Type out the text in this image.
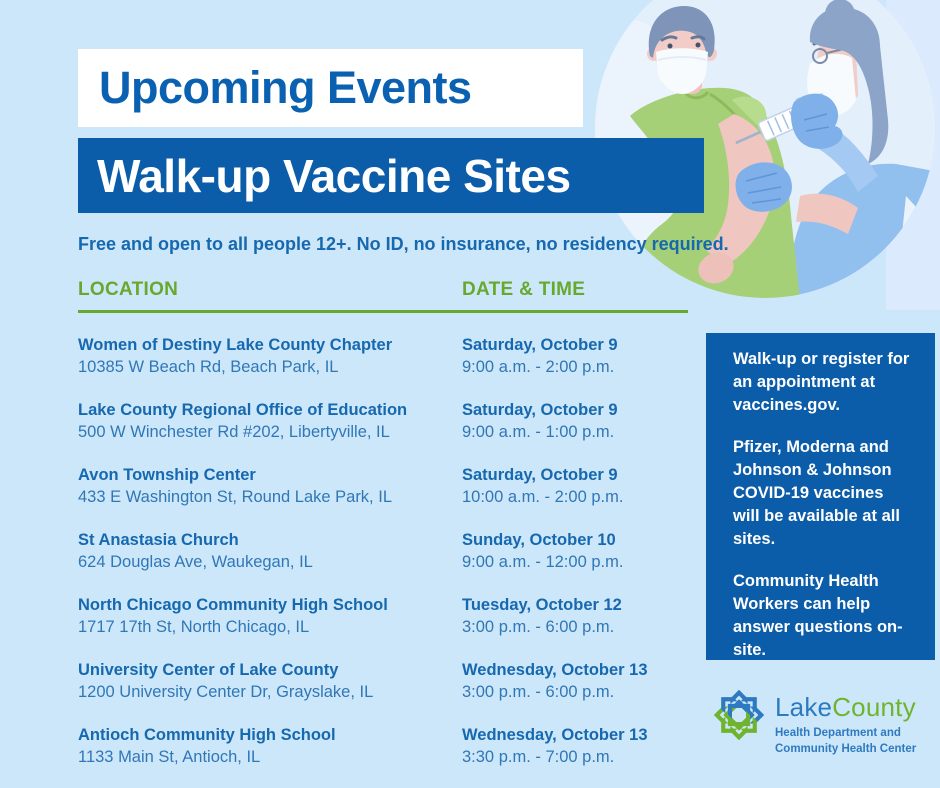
Upcoming Events
Walk-up Vaccine Sites
Free and open to all people 12+. No ID, no insurance, no residency required.
LOCATION	DATE & TIME
Women of Destiny Lake County Chapter
10385 W Beach Rd, Beach Park, IL
Saturday, October 9
9:00 a.m. - 2:00 p.m.
Lake County Regional Office of Education
500 W Winchester Rd #202, Libertyville, IL
Saturday, October 9
9:00 a.m. - 1:00 p.m.
Avon Township Center
433 E Washington St, Round Lake Park, IL
Saturday, October 9
10:00 a.m. - 2:00 p.m.
St Anastasia Church
624 Douglas Ave, Waukegan, IL
Sunday, October 10
9:00 a.m. - 12:00 p.m.
North Chicago Community High School
1717 17th St, North Chicago, IL
Tuesday, October 12
3:00 p.m. - 6:00 p.m.
University Center of Lake County
1200 University Center Dr, Grayslake, IL
Wednesday, October 13
3:00 p.m. - 6:00 p.m.
Antioch Community High School
1133 Main St, Antioch, IL
Wednesday, October 13
3:30 p.m. - 7:00 p.m.

Walk-up or register for an appointment at vaccines.gov.

Pfizer, Moderna and Johnson & Johnson COVID-19 vaccines will be available at all sites.

Community Health Workers can help answer questions on-site.

LakeCounty
Health Department and
Community Health Center
